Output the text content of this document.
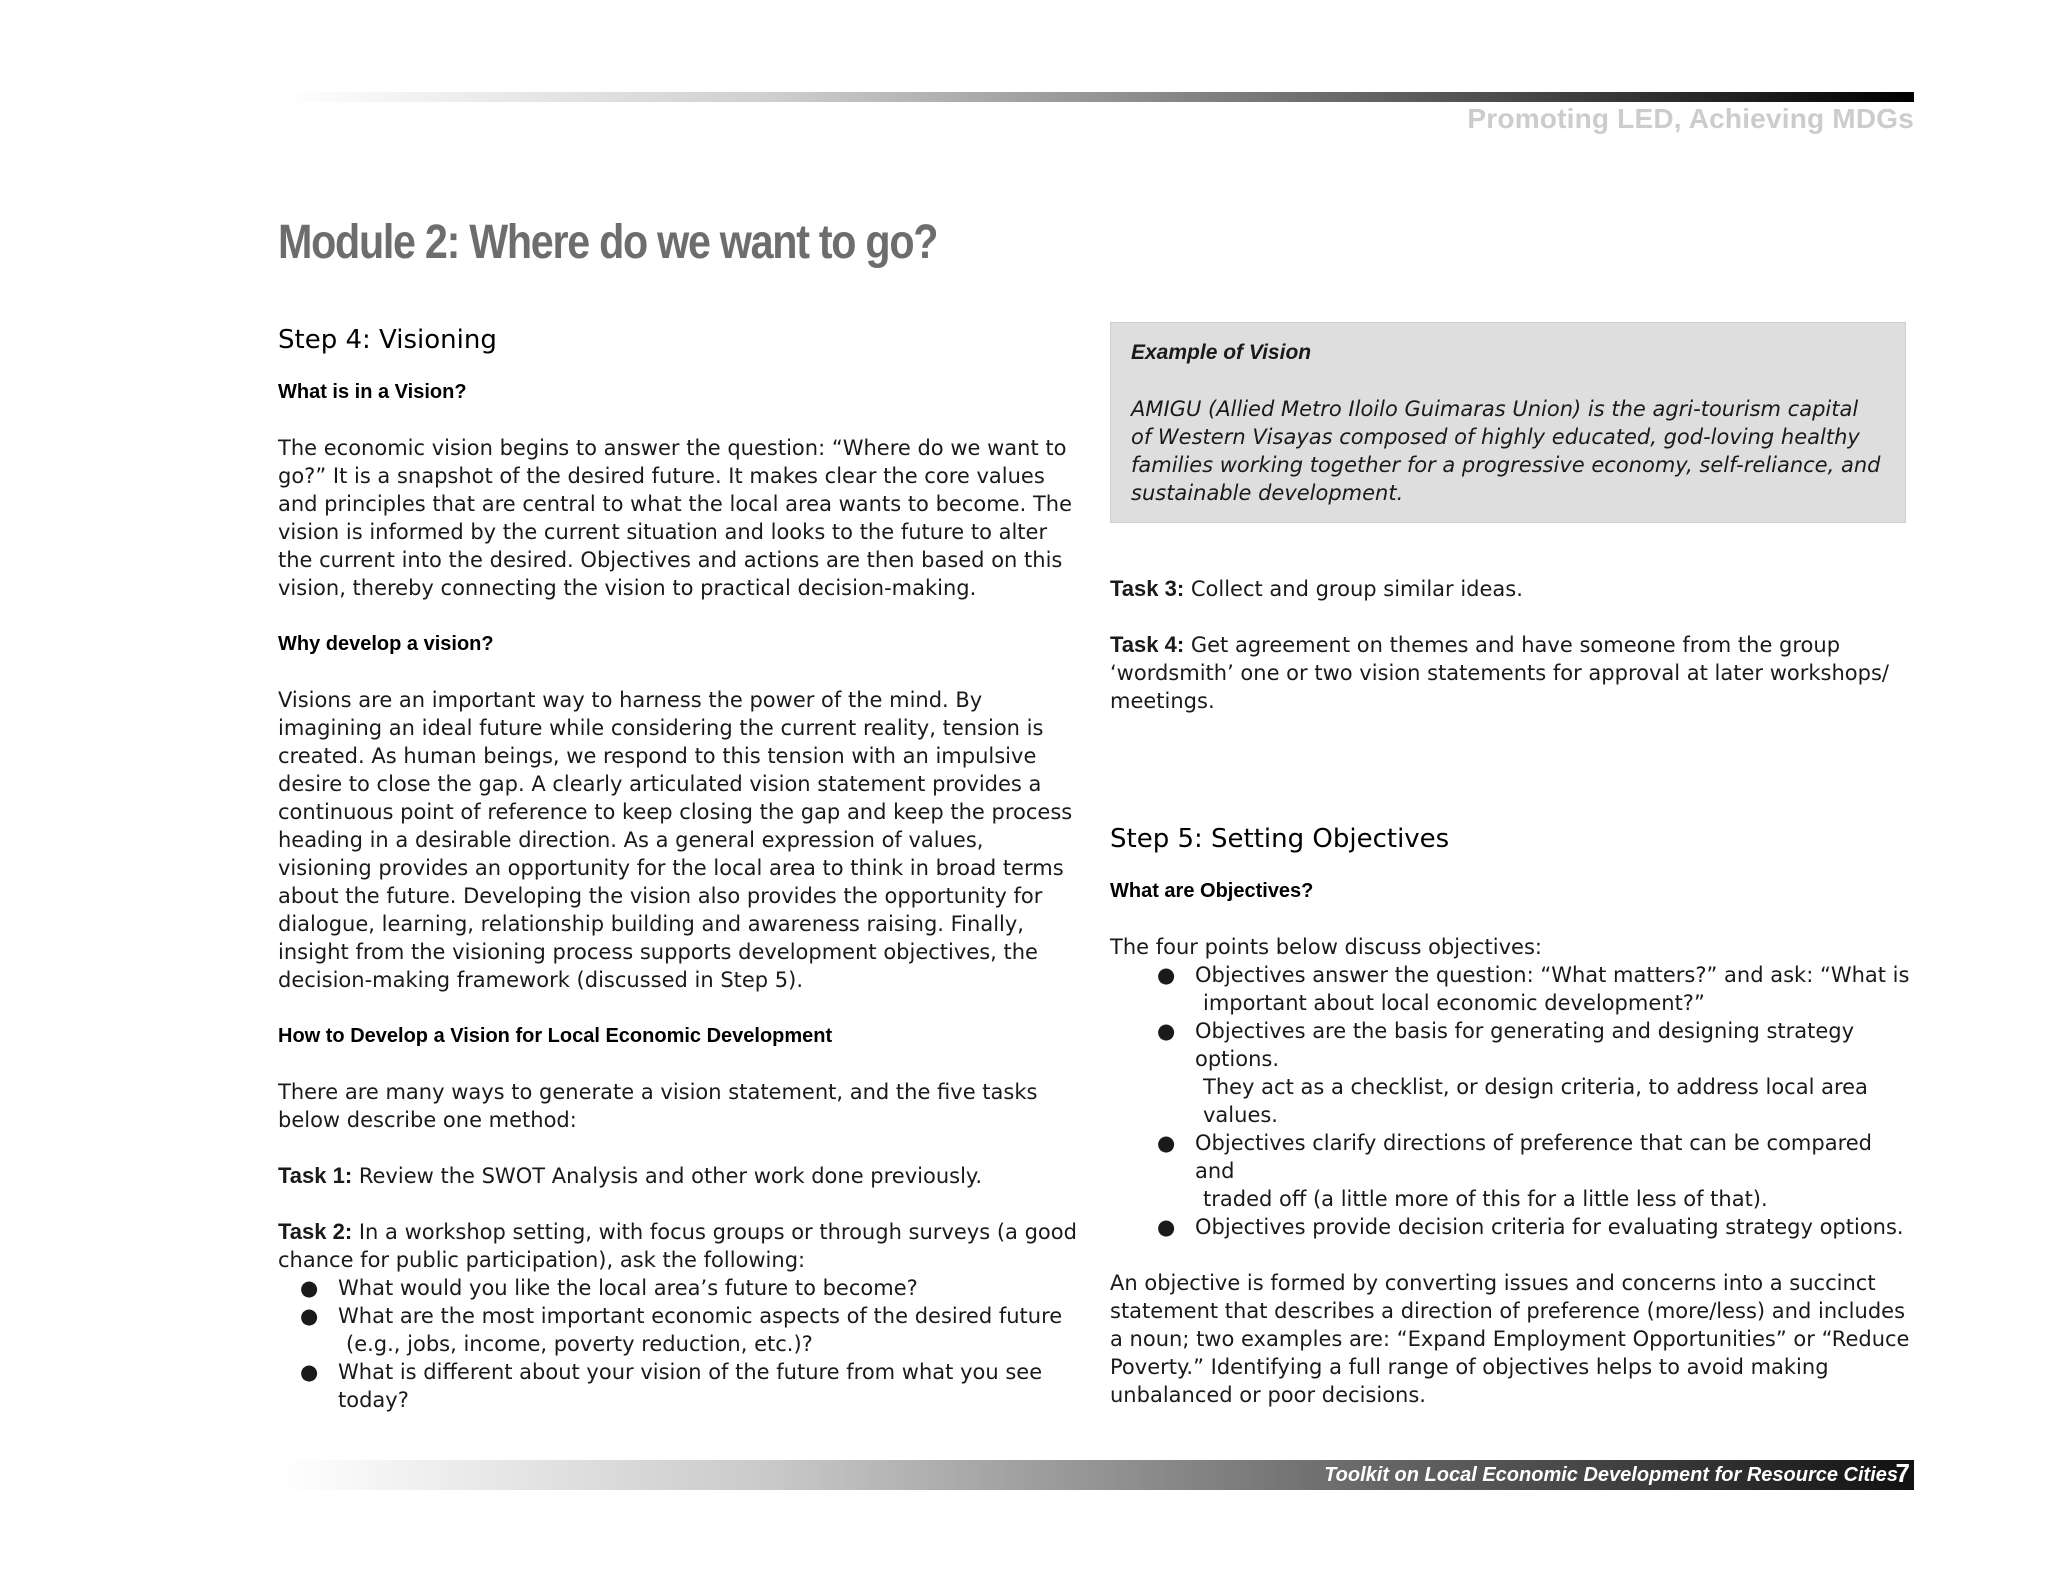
Promoting LED, Achieving MDGs
Module 2: Where do we want to go?
Step 4: Visioning
What is in a Vision?

The economic vision begins to answer the question: “Where do we want to go?” It is a snapshot of the desired future. It makes clear the core values and principles that are central to what the local area wants to become. The vision is informed by the current situation and looks to the future to alter the current into the desired. Objectives and actions are then based on this vision, thereby connecting the vision to practical decision-making.

Why develop a vision?

Visions are an important way to harness the power of the mind. By imagining an ideal future while considering the current reality, tension is created. As human beings, we respond to this tension with an impulsive desire to close the gap. A clearly articulated vision statement provides a continuous point of reference to keep closing the gap and keep the process heading in a desirable direction. As a general expression of values, visioning provides an opportunity for the local area to think in broad terms about the future. Developing the vision also provides the opportunity for dialogue, learning, relationship building and awareness raising. Finally, insight from the visioning process supports development objectives, the decision-making framework (discussed in Step 5).

How to Develop a Vision for Local Economic Development

There are many ways to generate a vision statement, and the five tasks below describe one method:

Task 1: Review the SWOT Analysis and other work done previously.

Task 2: In a workshop setting, with focus groups or through surveys (a good chance for public participation), ask the following:

● What would you like the local area’s future to become?
● What are the most important economic aspects of the desired future
(e.g., jobs, income, poverty reduction, etc.)?
● What is different about your vision of the future from what you see today?
Example of Vision

AMIGU (Allied Metro Iloilo Guimaras Union) is the agri-tourism capital of Western Visayas composed of highly educated, god-loving healthy families working together for a progressive economy, self-reliance, and sustainable development.

Task 3: Collect and group similar ideas.

Task 4: Get agreement on themes and have someone from the group ‘wordsmith’ one or two vision statements for approval at later workshops/ meetings.

Step 5: Setting Objectives
What are Objectives?

The four points below discuss objectives:

● Objectives answer the question: “What matters?” and ask: “What is
important about local economic development?”
● Objectives are the basis for generating and designing strategy options.
They act as a checklist, or design criteria, to address local area values.
● Objectives clarify directions of preference that can be compared and
traded off (a little more of this for a little less of that).
● Objectives provide decision criteria for evaluating strategy options.

An objective is formed by converting issues and concerns into a succinct statement that describes a direction of preference (more/less) and includes a noun; two examples are: “Expand Employment Opportunities” or “Reduce Poverty.” Identifying a full range of objectives helps to avoid making unbalanced or poor decisions.

Toolkit on Local Economic Development for Resource Cities
7
